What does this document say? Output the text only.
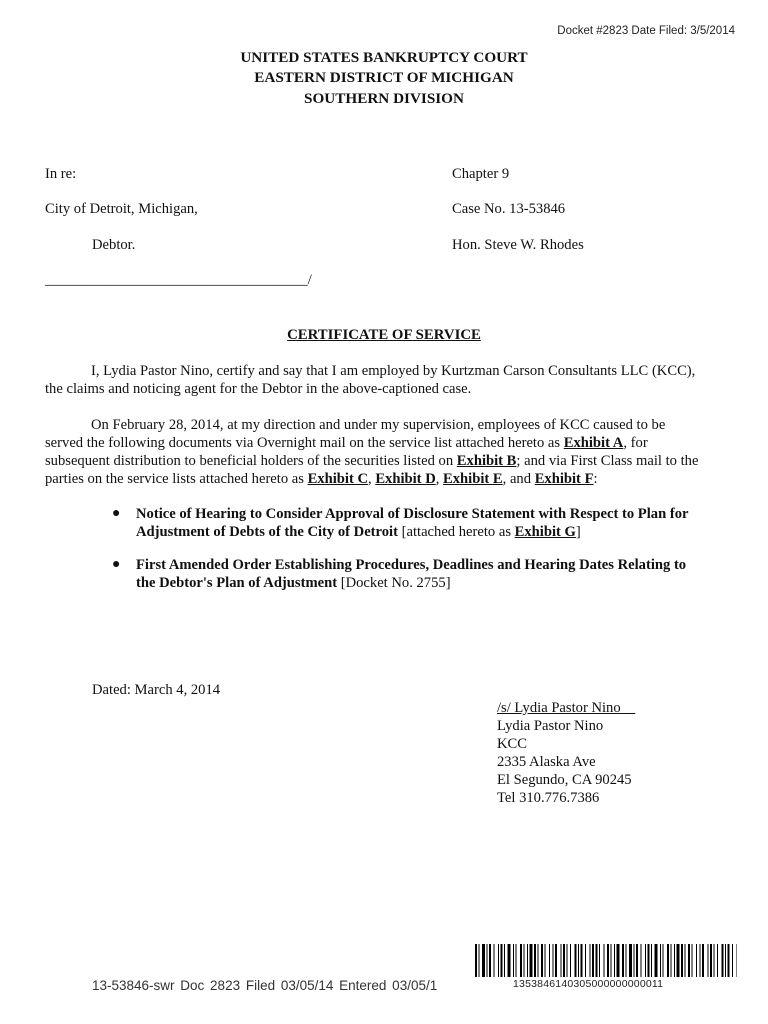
Docket #2823 Date Filed: 3/5/2014
UNITED STATES BANKRUPTCY COURT
EASTERN DISTRICT OF MICHIGAN
SOUTHERN DIVISION
In re:
City of Detroit, Michigan,
Debtor.
____________________________________/
Chapter 9
Case No. 13-53846
Hon. Steve W. Rhodes
CERTIFICATE OF SERVICE
I, Lydia Pastor Nino, certify and say that I am employed by Kurtzman Carson Consultants LLC (KCC),
the claims and noticing agent for the Debtor in the above-captioned case.
On February 28, 2014, at my direction and under my supervision, employees of KCC caused to be
served the following documents via Overnight mail on the service list attached hereto as Exhibit A, for
subsequent distribution to beneficial holders of the securities listed on Exhibit B; and via First Class mail to the
parties on the service lists attached hereto as Exhibit C, Exhibit D, Exhibit E, and Exhibit F:
● Notice of Hearing to Consider Approval of Disclosure Statement with Respect to Plan for
Adjustment of Debts of the City of Detroit [attached hereto as Exhibit G]
● First Amended Order Establishing Procedures, Deadlines and Hearing Dates Relating to
the Debtor's Plan of Adjustment [Docket No. 2755]
Dated: March 4, 2014
/s/ Lydia Pastor Nino
Lydia Pastor Nino
KCC
2335 Alaska Ave
El Segundo, CA 90245
Tel 310.776.7386
1353846140305000000000011
13-53846-swr Doc 2823 Filed 03/05/14 Entered 03/05/1
